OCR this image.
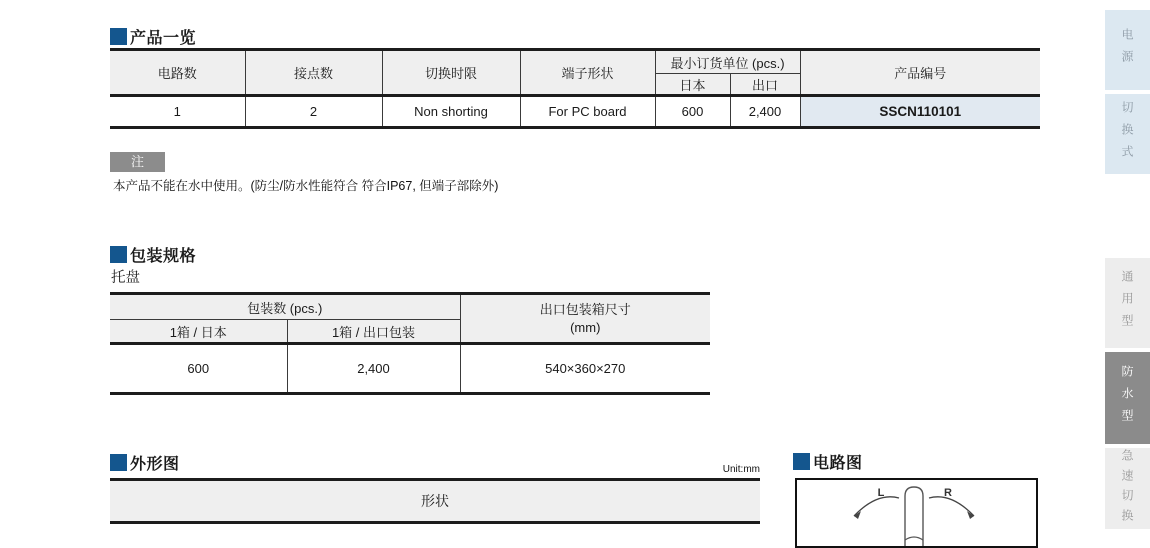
产品一览
电路数	接点数	切换时限	端子形状	最小订货单位 (pcs.)		产品编号
				日本	出口	
1	2	Non shorting	For PC board	600	2,400	SSCN110101
注
本产品不能在水中使用。(防尘/防水性能符合 符合IP67, 但端子部除外)
包装规格
托盘
包装数 (pcs.)		出口包装箱尺寸
(mm)
1箱 / 日本	1箱 / 出口包装	
600	2,400	540×360×270
外形图	Unit:mm
形状
电路图
L	R
电源
切换式
通用型
防水型
急速切换
